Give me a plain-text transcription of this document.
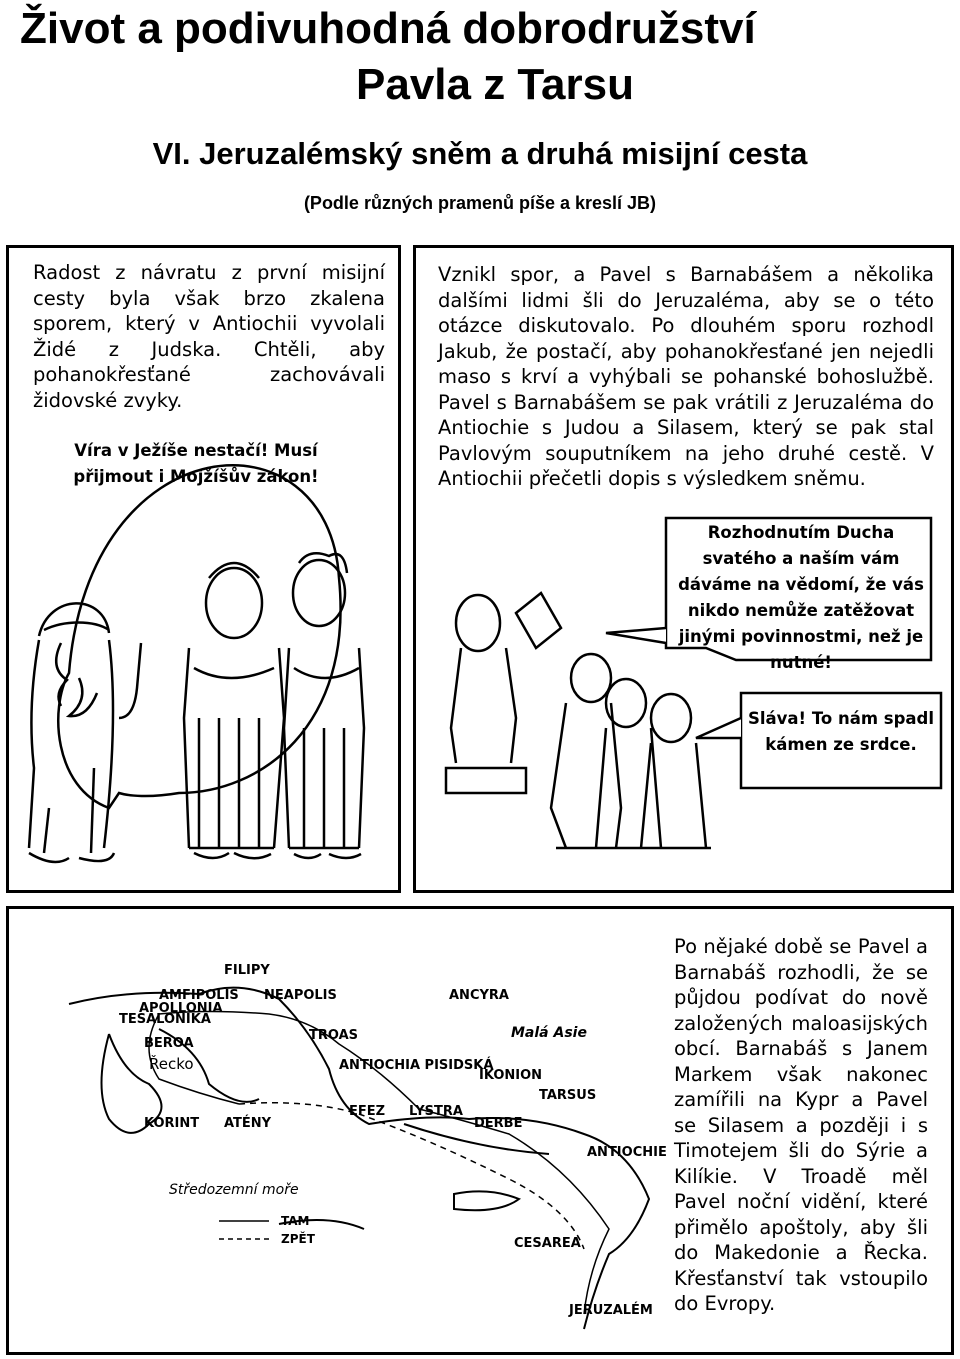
Život a podivuhodná dobrodružství
Pavla z Tarsu
VI. Jeruzalémský sněm a druhá misijní cesta
(Podle různých pramenů píše a kreslí JB)

Radost z návratu z první misijní cesty byla však brzo zkalena sporem, který v Antiochii vyvolali Židé z Judska. Chtěli, aby pohanokřesťané zachovávali židovské zvyky.

Víra v Ježíše nestačí! Musí přijmout i Mojžíšův zákon!

Vznikl spor, a Pavel s Barnabášem a několika dalšími lidmi šli do Jeruzaléma, aby se o této otázce diskutovalo. Po dlouhém sporu rozhodl Jakub, že postačí, aby pohanokřesťané jen nejedli maso s krví a vyhýbali se pohanské bohoslužbě. Pavel s Barnabášem se pak vrátili z Jeruzaléma do Antiochie s Judou a Silasem, který se pak stal Pavlovým souputníkem na jeho druhé cestě. V Antiochii přečetli dopis s výsledkem sněmu.

Rozhodnutím Ducha svatého a naším vám dáváme na vědomí, že vás nikdo nemůže zatěžovat jinými povinnostmi, než je nutné!

Sláva! To nám spadl kámen ze srdce.

FILIPY
AMFIPOLIS
APOLLONIA
NEAPOLIS
TESALONIKA
BEROA
Řecko
TROAS
ANCYRA
Malá Asie
ANTIOCHIA PISIDSKÁ
IKONION
TARSUS
KORINT ATÉNY
EFEZ LYSTRA
DERBE
ANTIOCHIE
Středozemní moře
CESAREA
JERUZALÉM
TAM
ZPĚT

Po nějaké době se Pavel a Barnabáš rozhodli, že se půjdou podívat do nově založených maloasijských obcí. Barnabáš s Janem Markem však nakonec zamířili na Kypr a Pavel se Silasem a později i s Timotejem šli do Sýrie a Kilíkie. V Troadě měl Pavel noční vidění, které přimělo apoštoly, aby šli do Makedonie a Řecka. Křesťanství tak vstoupilo do Evropy.
